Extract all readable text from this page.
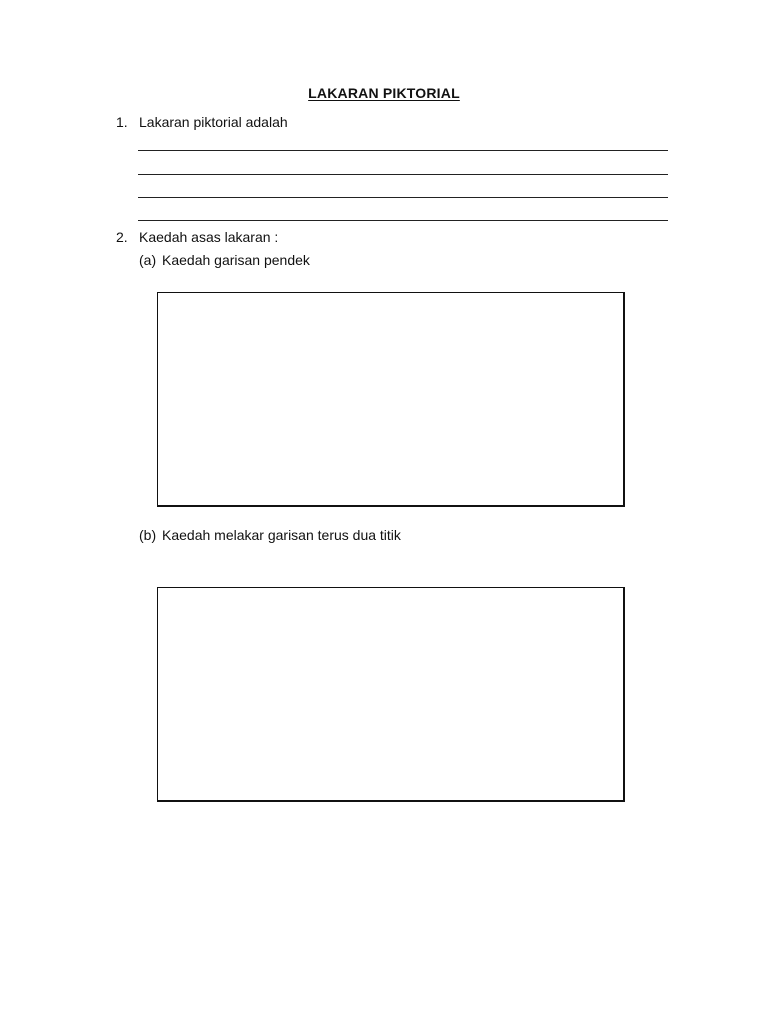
LAKARAN PIKTORIAL
1. Lakaran piktorial adalah
2. Kaedah asas lakaran :
(a) Kaedah garisan pendek
(b) Kaedah melakar garisan terus dua titik
